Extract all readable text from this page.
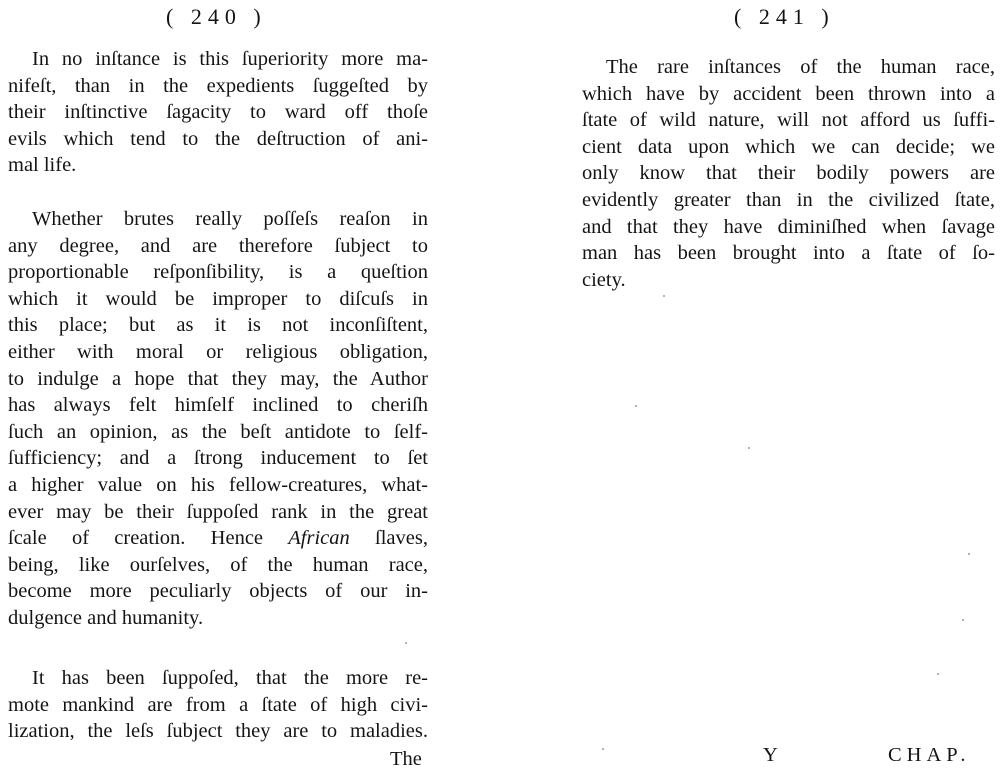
( 240 )
In no inſtance is this ſuperiority more ma-
nifeſt, than in the expedients ſuggeſted by
their inſtinctive ſagacity to ward off thoſe
evils which tend to the deſtruction of ani-
mal life.
Whether brutes really poſſeſs reaſon in
any degree, and are therefore ſubject to
proportionable reſponſibility, is a queſtion
which it would be improper to diſcuſs in
this place; but as it is not inconſiſtent,
either with moral or religious obligation,
to indulge a hope that they may, the Author
has always felt himſelf inclined to cheriſh
ſuch an opinion, as the beſt antidote to ſelf-
ſufficiency; and a ſtrong inducement to ſet
a higher value on his fellow-creatures, what-
ever may be their ſuppoſed rank in the great
ſcale of creation. Hence African ſlaves,
being, like ourſelves, of the human race,
become more peculiarly objects of our in-
dulgence and humanity.
It has been ſuppoſed, that the more re-
mote mankind are from a ſtate of high civi-
lization, the leſs ſubject they are to maladies.
The
( 241 )
The rare inſtances of the human race,
which have by accident been thrown into a
ſtate of wild nature, will not afford us ſuffi-
cient data upon which we can decide; we
only know that their bodily powers are
evidently greater than in the civilized ſtate,
and that they have diminiſhed when ſavage
man has been brought into a ſtate of ſo-
ciety.
Y	CHAP.
